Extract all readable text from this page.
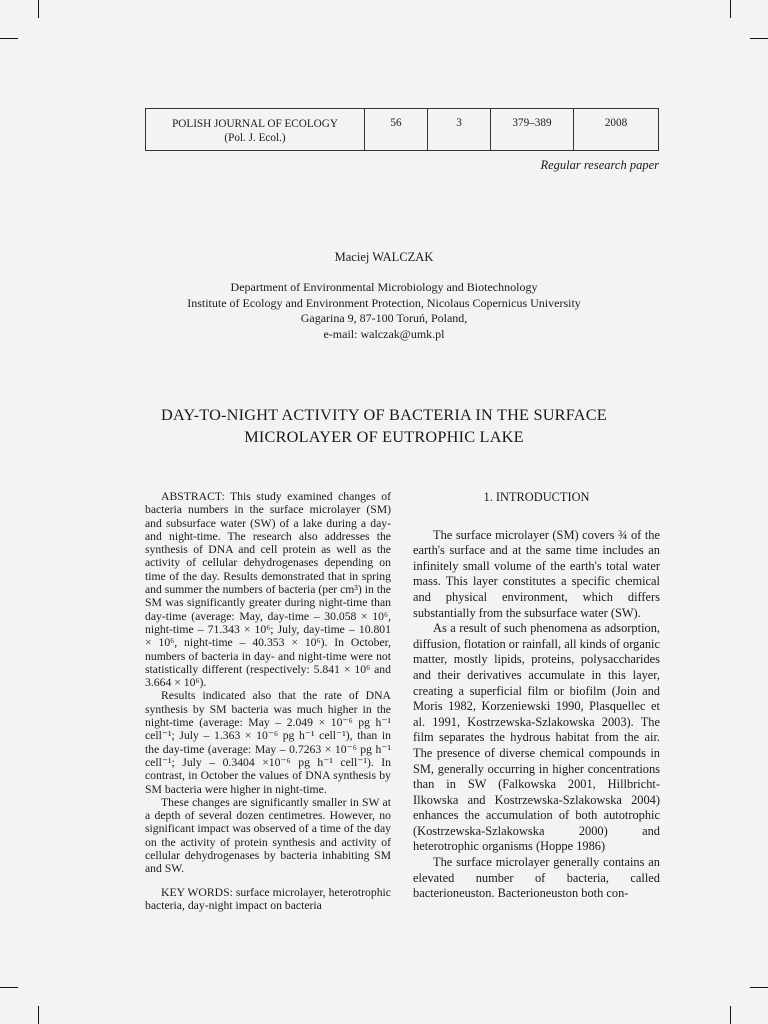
POLISH JOURNAL OF ECOLOGY
(Pol. J. Ecol.)
56	3	379–389	2008
Regular research paper
Maciej WALCZAK
Department of Environmental Microbiology and Biotechnology
Institute of Ecology and Environment Protection, Nicolaus Copernicus University
Gagarina 9, 87-100 Toruń, Poland,
e-mail: walczak@umk.pl
DAY-TO-NIGHT ACTIVITY OF BACTERIA IN THE SURFACE
MICROLAYER OF EUTROPHIC LAKE

ABSTRACT: This study examined changes of bacteria numbers in the surface microlayer (SM) and subsurface water (SW) of a lake during a day- and night-time. The research also addresses the synthesis of DNA and cell protein as well as the activity of cellular dehydrogenases depending on time of the day. Results demonstrated that in spring and summer the numbers of bacteria (per cm³) in the SM was significantly greater during night-time than day-time (average: May, day-time – 30.058 × 10⁶, night-time – 71.343 × 10⁶; July, day-time – 10.801 × 10⁶, night-time – 40.353 × 10⁶). In October, numbers of bacteria in day- and night-time were not statistically different (respectively: 5.841 × 10⁶ and 3.664 × 10⁶).

Results indicated also that the rate of DNA synthesis by SM bacteria was much higher in the night-time (average: May – 2.049 × 10⁻⁶ pg h⁻¹ cell⁻¹; July – 1.363 × 10⁻⁶ pg h⁻¹ cell⁻¹), than in the day-time (average: May – 0.7263 × 10⁻⁶ pg h⁻¹ cell⁻¹; July – 0.3404 ×10⁻⁶ pg h⁻¹ cell⁻¹). In contrast, in October the values of DNA synthesis by SM bacteria were higher in night-time.

These changes are significantly smaller in SW at a depth of several dozen centimetres. However, no significant impact was observed of a time of the day on the activity of protein synthesis and activity of cellular dehydrogenases by bacteria inhabiting SM and SW.

KEY WORDS: surface microlayer, heterotrophic bacteria, day-night impact on bacteria

1. INTRODUCTION

The surface microlayer (SM) covers ¾ of the earth's surface and at the same time includes an infinitely small volume of the earth's total water mass. This layer constitutes a specific chemical and physical environment, which differs substantially from the subsurface water (SW).

As a result of such phenomena as adsorption, diffusion, flotation or rainfall, all kinds of organic matter, mostly lipids, proteins, polysaccharides and their derivatives accumulate in this layer, creating a superficial film or biofilm (Join and Moris 1982, Korzeniewski 1990, Plasquellec et al. 1991, Kostrzewska-Szlakowska 2003). The film separates the hydrous habitat from the air. The presence of diverse chemical compounds in SM, generally occurring in higher concentrations than in SW (Falkowska 2001, Hillbricht-Ilkowska and Kostrzewska-Szlakowska 2004) enhances the accumulation of both autotrophic (Kostrzewska-Szlakowska 2000) and heterotrophic organisms (Hoppe 1986)

The surface microlayer generally contains an elevated number of bacteria, called bacterioneuston. Bacterioneuston both con-
